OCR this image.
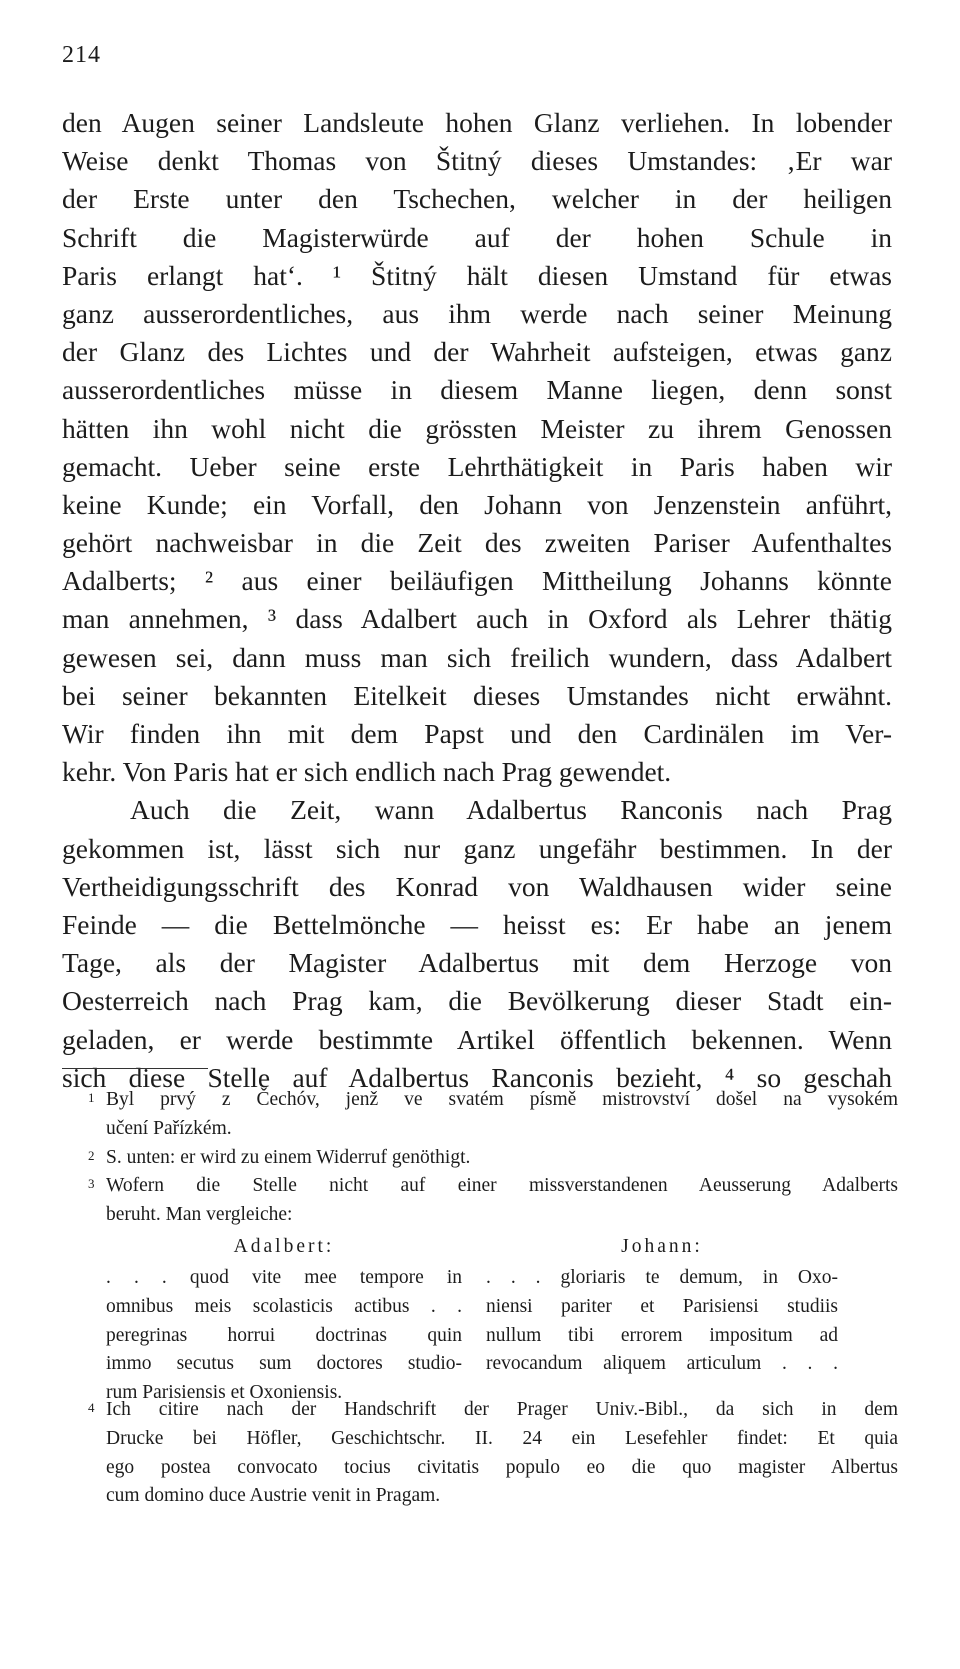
214
den Augen seiner Landsleute hohen Glanz verliehen. In lobender
Weise denkt Thomas von Štitný dieses Umstandes: ‚Er war
der Erste unter den Tschechen, welcher in der heiligen
Schrift die Magisterwürde auf der hohen Schule in
Paris erlangt hat‘. ¹ Štitný hält diesen Umstand für etwas
ganz ausserordentliches, aus ihm werde nach seiner Meinung
der Glanz des Lichtes und der Wahrheit aufsteigen, etwas ganz
ausserordentliches müsse in diesem Manne liegen, denn sonst
hätten ihn wohl nicht die grössten Meister zu ihrem Genossen
gemacht. Ueber seine erste Lehrthätigkeit in Paris haben wir
keine Kunde; ein Vorfall, den Johann von Jenzenstein anführt,
gehört nachweisbar in die Zeit des zweiten Pariser Aufenthaltes
Adalberts; ² aus einer beiläufigen Mittheilung Johanns könnte
man annehmen, ³ dass Adalbert auch in Oxford als Lehrer thätig
gewesen sei, dann muss man sich freilich wundern, dass Adalbert
bei seiner bekannten Eitelkeit dieses Umstandes nicht erwähnt.
Wir finden ihn mit dem Papst und den Cardinälen im Ver-
kehr. Von Paris hat er sich endlich nach Prag gewendet.
Auch die Zeit, wann Adalbertus Ranconis nach Prag
gekommen ist, lässt sich nur ganz ungefähr bestimmen. In der
Vertheidigungsschrift des Konrad von Waldhausen wider seine
Feinde — die Bettelmönche — heisst es: Er habe an jenem
Tage, als der Magister Adalbertus mit dem Herzoge von
Oesterreich nach Prag kam, die Bevölkerung dieser Stadt ein-
geladen, er werde bestimmte Artikel öffentlich bekennen. Wenn
sich diese Stelle auf Adalbertus Ranconis bezieht, ⁴ so geschah
1 Byl prvý z Čechóv, jenž ve svatém písmě mistrovství došel na vysokém
učení Pařízkém.
2 S. unten: er wird zu einem Widerruf genöthigt.
3 Wofern die Stelle nicht auf einer missverstandenen Aeusserung Adalberts
beruht. Man vergleiche:
Adalbert:
. . . quod vite mee tempore in
omnibus meis scolasticis actibus . .
peregrinas horrui doctrinas quin
immo secutus sum doctores studio-
rum Parisiensis et Oxoniensis.
Johann:
. . . gloriaris te demum, in Oxo-
niensi pariter et Parisiensi studiis
nullum tibi errorem impositum ad
revocandum aliquem articulum . . .
4 Ich citire nach der Handschrift der Prager Univ.-Bibl., da sich in dem
Drucke bei Höfler, Geschichtschr. II. 24 ein Lesefehler findet: Et quia
ego postea convocato tocius civitatis populo eo die quo magister Albertus
cum domino duce Austrie venit in Pragam.
